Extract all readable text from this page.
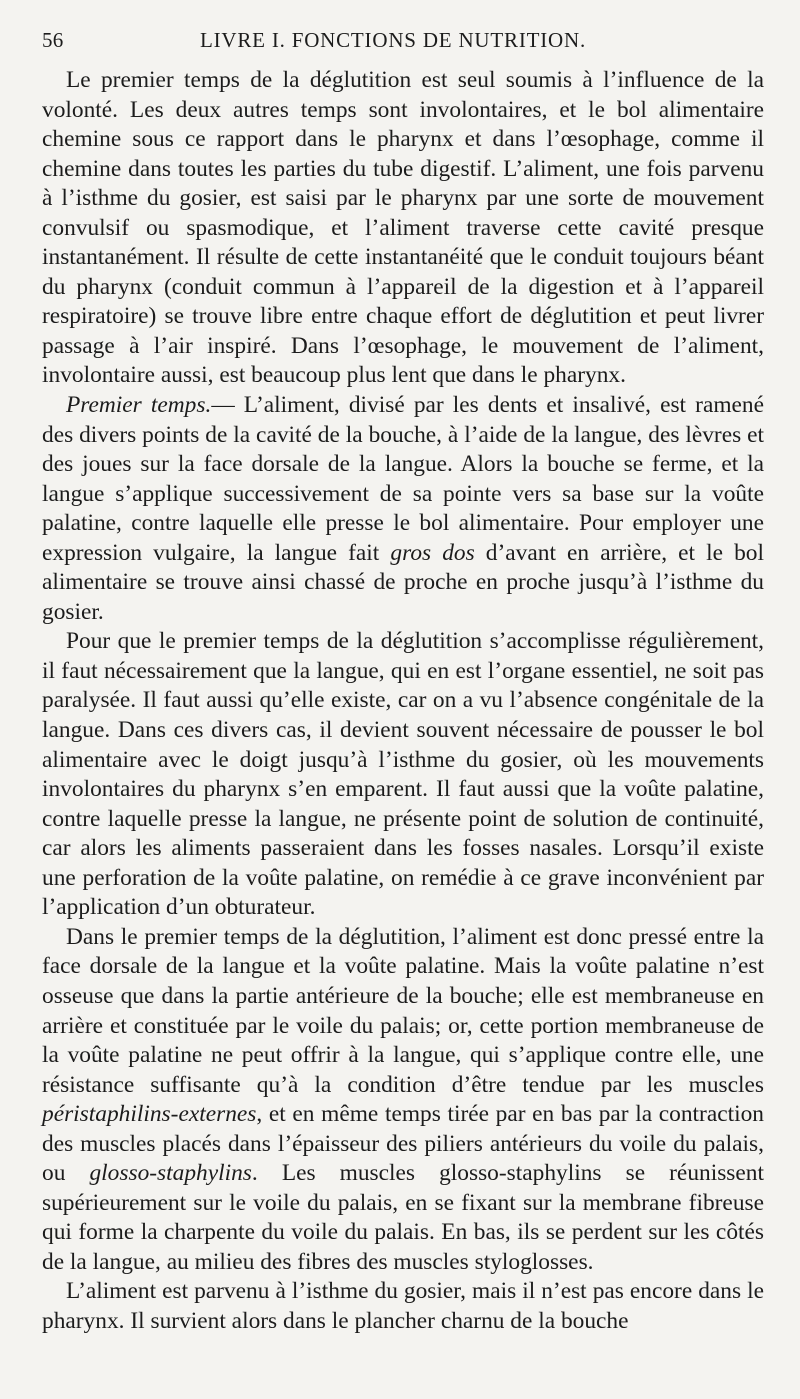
56	LIVRE I. FONCTIONS DE NUTRITION.

Le premier temps de la déglutition est seul soumis à l’influence de la volonté. Les deux autres temps sont involontaires, et le bol alimentaire chemine sous ce rapport dans le pharynx et dans l’œsophage, comme il chemine dans toutes les parties du tube digestif. L’aliment, une fois parvenu à l’isthme du gosier, est saisi par le pharynx par une sorte de mouvement convulsif ou spasmodique, et l’aliment traverse cette cavité presque instantanément. Il résulte de cette instantanéité que le conduit toujours béant du pharynx (conduit commun à l’appareil de la digestion et à l’appareil respiratoire) se trouve libre entre chaque effort de déglutition et peut livrer passage à l’air inspiré. Dans l’œsophage, le mouvement de l’aliment, involontaire aussi, est beaucoup plus lent que dans le pharynx.

Premier temps.— L’aliment, divisé par les dents et insalivé, est ramené des divers points de la cavité de la bouche, à l’aide de la langue, des lèvres et des joues sur la face dorsale de la langue. Alors la bouche se ferme, et la langue s’applique successivement de sa pointe vers sa base sur la voûte palatine, contre laquelle elle presse le bol alimentaire. Pour employer une expression vulgaire, la langue fait gros dos d’avant en arrière, et le bol alimentaire se trouve ainsi chassé de proche en proche jusqu’à l’isthme du gosier.

Pour que le premier temps de la déglutition s’accomplisse régulièrement, il faut nécessairement que la langue, qui en est l’organe essentiel, ne soit pas paralysée. Il faut aussi qu’elle existe, car on a vu l’absence congénitale de la langue. Dans ces divers cas, il devient souvent nécessaire de pousser le bol alimentaire avec le doigt jusqu’à l’isthme du gosier, où les mouvements involontaires du pharynx s’en emparent. Il faut aussi que la voûte palatine, contre laquelle presse la langue, ne présente point de solution de continuité, car alors les aliments passeraient dans les fosses nasales. Lorsqu’il existe une perforation de la voûte palatine, on remédie à ce grave inconvénient par l’application d’un obturateur.

Dans le premier temps de la déglutition, l’aliment est donc pressé entre la face dorsale de la langue et la voûte palatine. Mais la voûte palatine n’est osseuse que dans la partie antérieure de la bouche; elle est membraneuse en arrière et constituée par le voile du palais; or, cette portion membraneuse de la voûte palatine ne peut offrir à la langue, qui s’applique contre elle, une résistance suffisante qu’à la condition d’être tendue par les muscles péristaphilins-externes, et en même temps tirée par en bas par la contraction des muscles placés dans l’épaisseur des piliers antérieurs du voile du palais, ou glosso-staphylins. Les muscles glosso-staphylins se réunissent supérieurement sur le voile du palais, en se fixant sur la membrane fibreuse qui forme la charpente du voile du palais. En bas, ils se perdent sur les côtés de la langue, au milieu des fibres des muscles styloglosses.

L’aliment est parvenu à l’isthme du gosier, mais il n’est pas encore dans le pharynx. Il survient alors dans le plancher charnu de la bouche
